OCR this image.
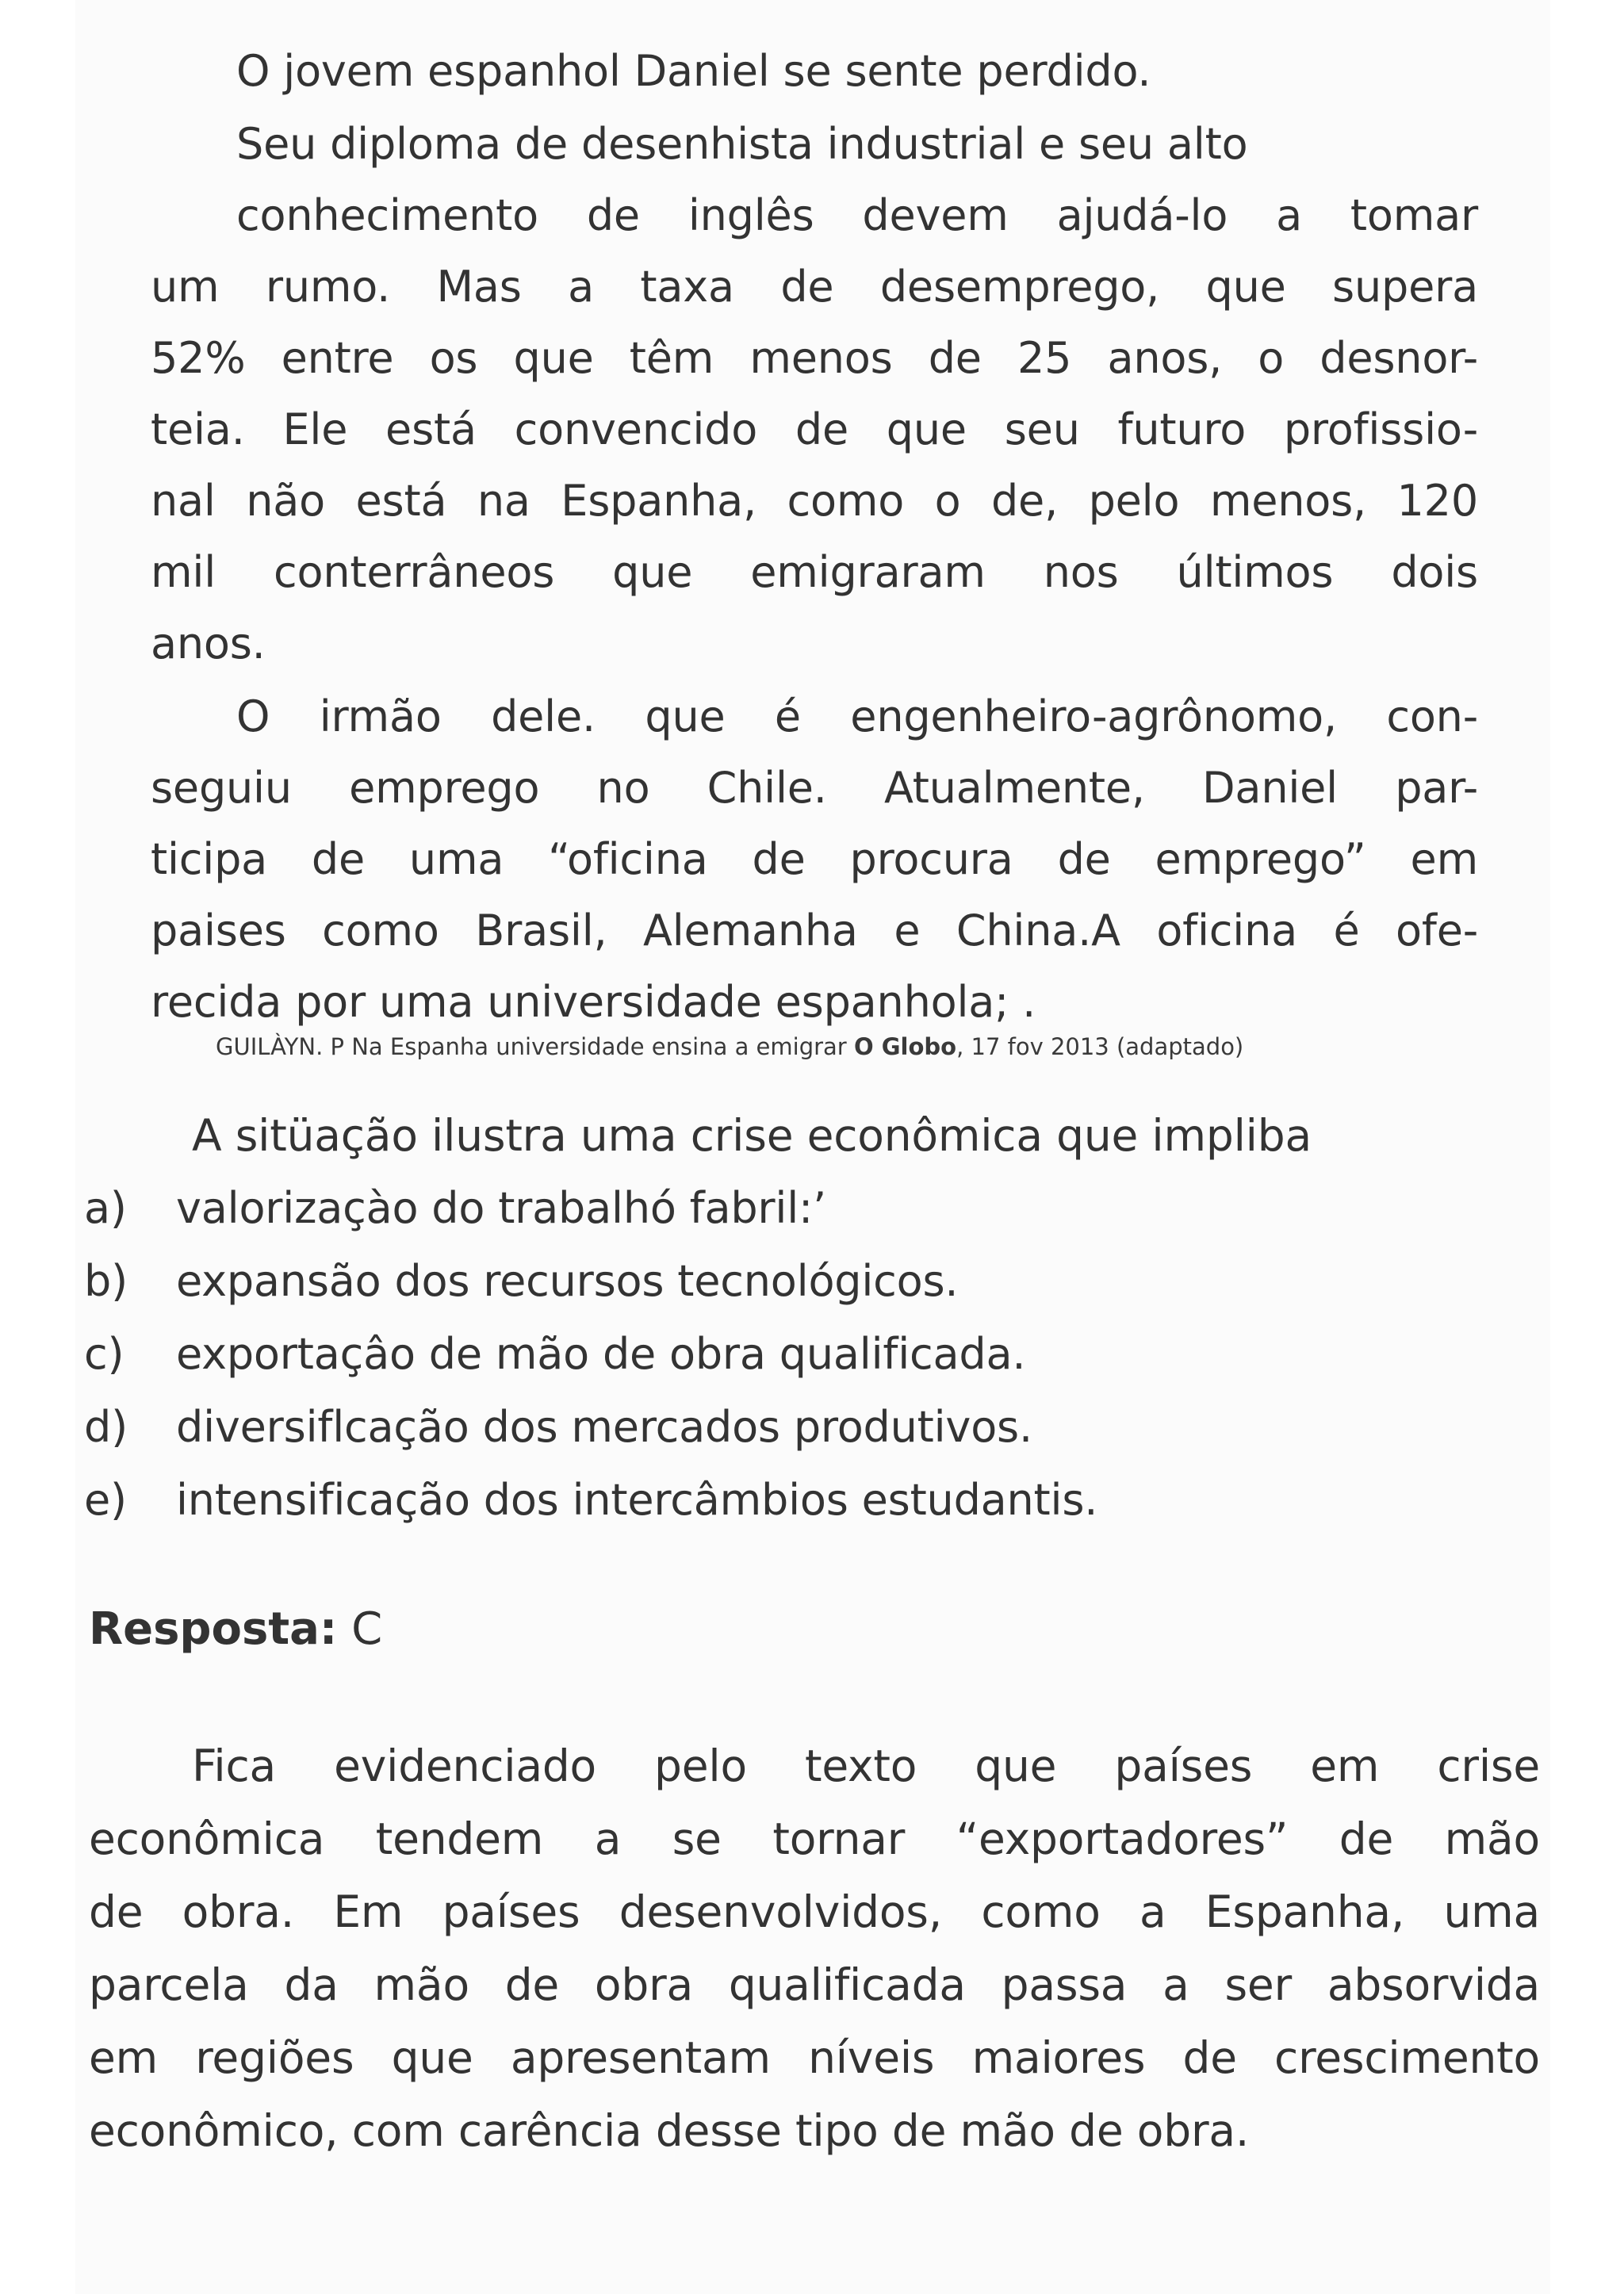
O jovem espanhol Daniel se sente perdido.
Seu diploma de desenhista industrial e seu alto
conhecimento de inglês devem ajudá-lo a tomar
um rumo. Mas a taxa de desemprego, que supera
52% entre os que têm menos de 25 anos, o desnor-
teia. Ele está convencido de que seu futuro profissio-
nal não está na Espanha, como o de, pelo menos, 120
mil conterrâneos que emigraram nos últimos dois
anos.
O irmão dele. que é engenheiro-agrônomo, con-
seguiu emprego no Chile. Atualmente, Daniel par-
ticipa de uma “oficina de procura de emprego” em
paises como Brasil, Alemanha e China.A oficina é ofe-
recida por uma universidade espanhola; .
GUILÀYN. P Na Espanha universidade ensina a emigrar O Globo, 17 fov 2013 (adaptado)
A sitüação ilustra uma crise econômica que impliba
a) valorizaçào do trabalhó fabril:’
b) expansão dos recursos tecnológicos.
c) exportaçâo de mão de obra qualificada.
d) diversiflcação dos mercados produtivos.
e) intensificação dos intercâmbios estudantis.
Resposta: C
Fica evidenciado pelo texto que países em crise
econômica tendem a se tornar “exportadores” de mão
de obra. Em países desenvolvidos, como a Espanha, uma
parcela da mão de obra qualificada passa a ser absorvida
em regiões que apresentam níveis maiores de crescimento
econômico, com carência desse tipo de mão de obra.
